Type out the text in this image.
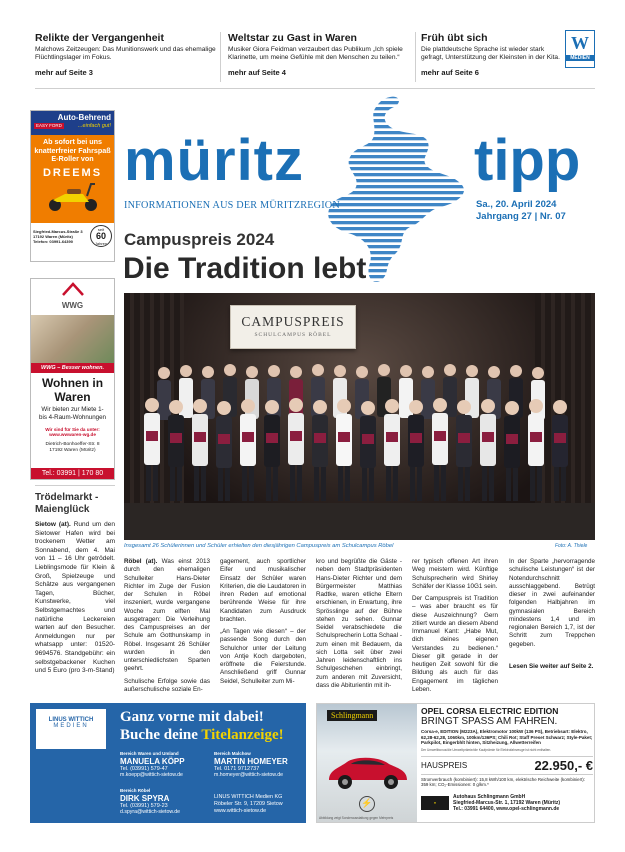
Relikte der Vergangenheit

Malchows Zeitzeugen: Das Munitionswerk und das ehemalige Flüchtlingslager im Fokus.

mehr auf Seite 3
Weltstar zu Gast in Waren

Musiker Giora Feidman verzaubert das Publikum „Ich spiele Klarinette, um meine Gefühle mit den Menschen zu teilen.“

mehr auf Seite 4
Früh übt sich

Die plattdeutsche Sprache ist wieder stark gefragt, Unterstützung der Kleinsten in der Kita.

mehr auf Seite 6
W
MEDIEN
Auto-Behrend
EASY FORD	...einfach gut!
Ab sofort bei uns knatterfreier Fahrspaß E-Roller von
DREEMS
Siegfried-Marcus-Straße 3
17192 Waren (Müritz)
Telefon: 03991-64390
seit
60
Jahren
müritz	tipp
INFORMATIONEN AUS DER MÜRITZREGION	Sa., 20. April 2024
Jahrgang 27 | Nr. 07
Campuspreis 2024
Die Tradition lebt
WWG
WWG – Besser wohnen.
Wohnen in Waren
Wir bieten zur Miete 1- bis 4-Raum-Wohnungen
Wir sind für Sie da unter: www.wwwaren-wg.de
Dietrich-Bonhoeffer-Str. 8
17192 Waren (Müritz)
Tel.: 03991 | 170 80
CAMPUSPREIS
SCHULCAMPUS RÖBEL
Insgesamt 26 Schülerinnen und Schüler erhielten den diesjährigen Campuspreis am Schulcampus Röbel	Foto: A. Thiele
Trödelmarkt - Maienglück
Sietow (at). Rund um den Sietower Hafen wird bei trockenem Wetter am Sonnabend, dem 4. Mai von 11 – 16 Uhr getrödelt. Lieblingsmode für Klein & Groß, Spielzeuge und Schätze aus vergangenen Tagen, Bücher, Kunstwerke, viel Selbstgemachtes und natürliche Leckereien warten auf den Besucher. Anmeldungen nur per whatsapp unter: 01520-9694576. Standgebühr: ein selbstgebackener Kuchen und 5 Euro (pro 3-m-Stand)

Röbel (at). Was einst 2013 durch den ehemaligen Schulleiter Hans-Dieter Richter im Zuge der Fusion der Schulen in Röbel inszeniert, wurde vergangene Woche zum elften Mal ausgetragen: Die Verleihung des Campuspreises an der Schule am Gotthunskamp in Röbel. Insgesamt 26 Schüler wurden in den unterschiedlichsten Sparten geehrt.

Schulische Erfolge sowie das außerschulische soziale En-

gagement, auch sportlicher Eifer und musikalischer Einsatz der Schüler waren Kriterien, die die Laudatoren in ihren Reden auf emotional berührende Weise für ihre Kandidaten zum Ausdruck brachten.

„An Tagen wie diesen“ – der passende Song durch den Schulchor unter der Leitung von Antje Koch dargeboten, eröffnete die Feierstunde. Anschließend griff Gunnar Seidel, Schulleiter zum Mi-

kro und begrüßte die Gäste - neben dem Stadtpräsidenten Hans-Dieter Richter und dem Bürgermeister Matthias Radtke, waren etliche Eltern erschienen, in Erwartung, ihre Sprösslinge auf der Bühne stehen zu sehen. Gunnar Seidel verabschiedete die Schulsprecherin Lotta Schaal - zum einen mit Bedauern, da sich Lotta seit über zwei Jahren leidenschaftlich ins Schulgeschehen einbringt, zum anderen mit Zuversicht, dass die Abiturientin mit ih-

rer typisch offenen Art ihren Weg meistern wird. Künftige Schulsprecherin wird Shirley Schäfer der Klasse 10G1 sein.

Der Campuspreis ist Tradition – was aber braucht es für diese Auszeichnung? Gern zitiert wurde an diesem Abend Immanuel Kant: „Habe Mut, dich deines eigenen Verstandes zu bedienen.“ Dieser gilt gerade in der heutigen Zeit sowohl für die Bildung als auch für das Engagement im täglichen Leben.

In der Sparte „hervorragende schulische Leistungen“ ist der Notendurchschnitt ausschlaggebend. Betrügt dieser in zwei aufeinander folgenden Halbjahren im gymnasialen Bereich mindestens 1,4 und im regionalen Bereich 1,7, ist der Schritt zum Treppchen gegeben.

Lesen Sie weiter auf Seite 2.

LINUS WITTICH
MEDIEN
Ganz vorne mit dabei!
Buche deine Titelanzeige!
Bereich Waren und Umland
MANUELA KÖPP
Tel. (03991) 579-47
m.koepp@wittich-sietow.de
Bereich Malchow
MARTIN HOMEYER
Tel. 0171 9712737
m.homeyer@wittich-sietow.de
Bereich Röbel
DIRK SPYRA
Tel. (03991) 579-23
d.spyra@wittich-sietow.de
LINUS WITTICH Medien KG
Röbeler Str. 9, 17209 Sietow
www.wittich-sietow.de
Schlingmann
⚡
Abbildung zeigt Sonderausstattung gegen Mehrpreis
OPEL CORSA ELECTRIC EDITION
BRINGT SPASS AM FAHREN.
Corsa-e, EDITION (M223A), Elektromotor 100kW (136 PS), Betriebsart: Elektro, 62,28-62,28, 1060km, 100km/136PS; Chili Rot; Staff Preset Schwarz; Style-Paket; Parkpilot, Eingerbhlt hinten, Sitzheizung, Allwetterreifen
Der Umweltbonus/die Umweltprämie/die Kaufprämie für Elektrofahrzeuge ist nicht enthalten.
HAUSPREIS	22.950,- €
Stromverbrauch (kombiniert): 15,8 kWh/100 km, elektrische Reichweite (kombiniert): 359 km; CO₂-Emissionen: 0 g/km.*
●
Autohaus Schlingmann GmbH
Siegfried-Marcus-Str. 1, 17192 Waren (Müritz)
Tel.: 03991 64400, www.opel-schlingmann.de
